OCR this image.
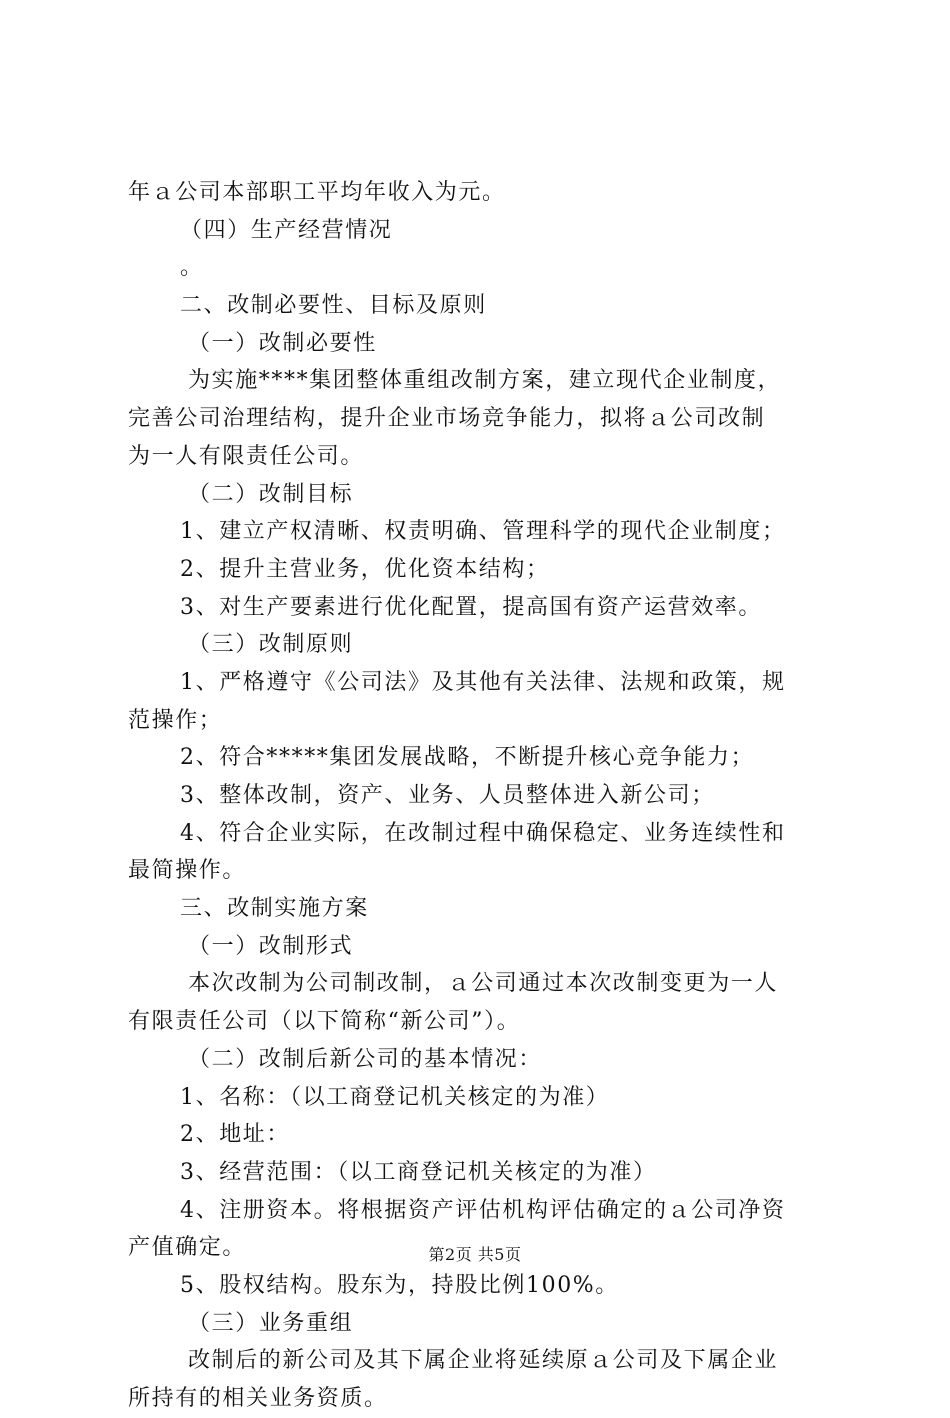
年ａ公司本部职工平均年收入为元。
（四）生产经营情况
。
二、改制必要性、目标及原则
（一）改制必要性
为实施****集团整体重组改制方案，建立现代企业制度，
完善公司治理结构，提升企业市场竞争能力，拟将ａ公司改制
为一人有限责任公司。
（二）改制目标
1、建立产权清晰、权责明确、管理科学的现代企业制度；
2、提升主营业务，优化资本结构；
3、对生产要素进行优化配置，提高国有资产运营效率。
（三）改制原则
1、严格遵守《公司法》及其他有关法律、法规和政策，规
范操作；
2、符合*****集团发展战略，不断提升核心竞争能力；
3、整体改制，资产、业务、人员整体进入新公司；
4、符合企业实际，在改制过程中确保稳定、业务连续性和
最简操作。
三、改制实施方案
（一）改制形式
本次改制为公司制改制，ａ公司通过本次改制变更为一人
有限责任公司（以下简称“新公司”）。
（二）改制后新公司的基本情况：
1、名称：（以工商登记机关核定的为准）
2、地址：
3、经营范围：（以工商登记机关核定的为准）
4、注册资本。将根据资产评估机构评估确定的ａ公司净资
产值确定。
5、股权结构。股东为，持股比例100%。
（三）业务重组
改制后的新公司及其下属企业将延续原ａ公司及下属企业
所持有的相关业务资质。
第2页 共5页
